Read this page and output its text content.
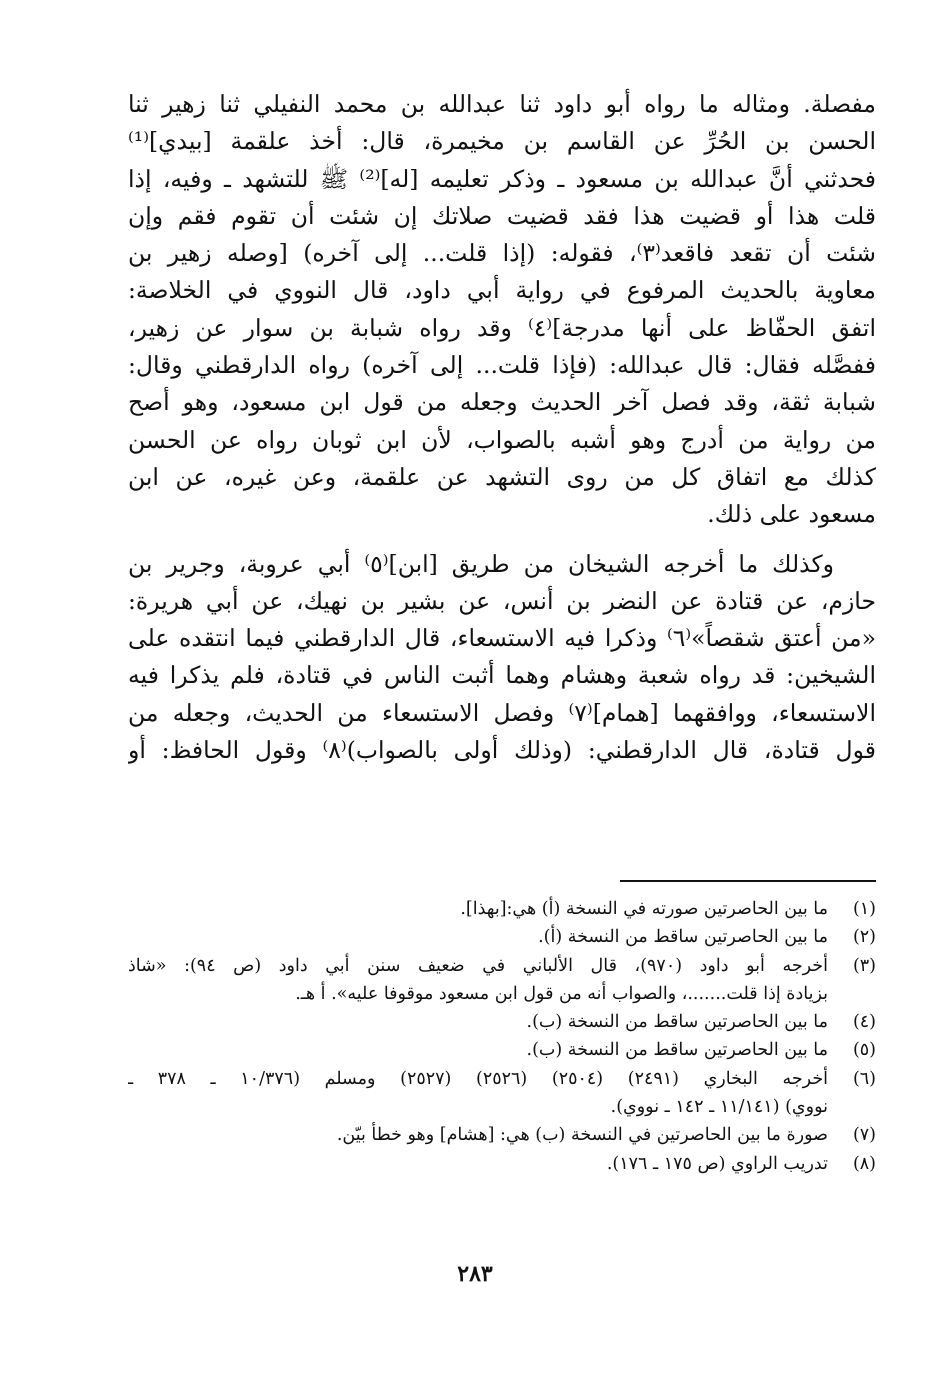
مفصلة. ومثاله ما رواه أبو داود ثنا عبدالله بن محمد النفيلي ثنا زهير ثنا
الحسن بن الحُرِّ عن القاسم بن مخيمرة، قال: أخذ علقمة [بيدي]⁽¹⁾
فحدثني أنَّ عبدالله بن مسعود ـ وذكر تعليمه [له]⁽²⁾ ﷺ للتشهد ـ وفيه، إذا
قلت هذا أو قضيت هذا فقد قضيت صلاتك إن شئت أن تقوم فقم وإن
شئت أن تقعد فاقعد⁽٣⁾، فقوله: (إذا قلت... إلى آخره) [وصله زهير بن
معاوية بالحديث المرفوع في رواية أبي داود، قال النووي في الخلاصة:
اتفق الحفّاظ على أنها مدرجة]⁽٤⁾ وقد رواه شبابة بن سوار عن زهير،
ففصَّله فقال: قال عبدالله: (فإذا قلت... إلى آخره) رواه الدارقطني وقال:
شبابة ثقة، وقد فصل آخر الحديث وجعله من قول ابن مسعود، وهو أصح
من رواية من أدرج وهو أشبه بالصواب، لأن ابن ثوبان رواه عن الحسن
كذلك مع اتفاق كل من روى التشهد عن علقمة، وعن غيره، عن ابن
مسعود على ذلك.
وكذلك ما أخرجه الشيخان من طريق [ابن]⁽٥⁾ أبي عروبة، وجرير بن
حازم، عن قتادة عن النضر بن أنس، عن بشير بن نهيك، عن أبي هريرة:
«من أعتق شقصاً»⁽٦⁾ وذكرا فيه الاستسعاء، قال الدارقطني فيما انتقده على
الشيخين: قد رواه شعبة وهشام وهما أثبت الناس في قتادة، فلم يذكرا فيه
الاستسعاء، ووافقهما [همام]⁽٧⁾ وفصل الاستسعاء من الحديث، وجعله من
قول قتادة، قال الدارقطني: (وذلك أولى بالصواب)⁽٨⁾ وقول الحافظ: أو
(١)
ما بين الحاصرتين صورته في النسخة (أ) هي:[بهذا].
(٢)
ما بين الحاصرتين ساقط من النسخة (أ).
(٣)
أخرجه أبو داود (٩٧٠)، قال الألباني في ضعيف سنن أبي داود (ص ٩٤): «شاذ
بزيادة إذا قلت.......، والصواب أنه من قول ابن مسعود موقوفا عليه». أ هـ.
(٤)
ما بين الحاصرتين ساقط من النسخة (ب).
(٥)
ما بين الحاصرتين ساقط من النسخة (ب).
(٦)
أخرجه البخاري (٢٤٩١) (٢٥٠٤) (٢٥٢٦) (٢٥٢٧) ومسلم (١٠/٣٧٦ ـ ٣٧٨ ـ
نووي) (١١/١٤١ ـ ١٤٢ ـ نووي).
(٧)
صورة ما بين الحاصرتين في النسخة (ب) هي: [هشام] وهو خطأ بيّن.
(٨)
تدريب الراوي (ص ١٧٥ ـ ١٧٦).
٢٨٣
